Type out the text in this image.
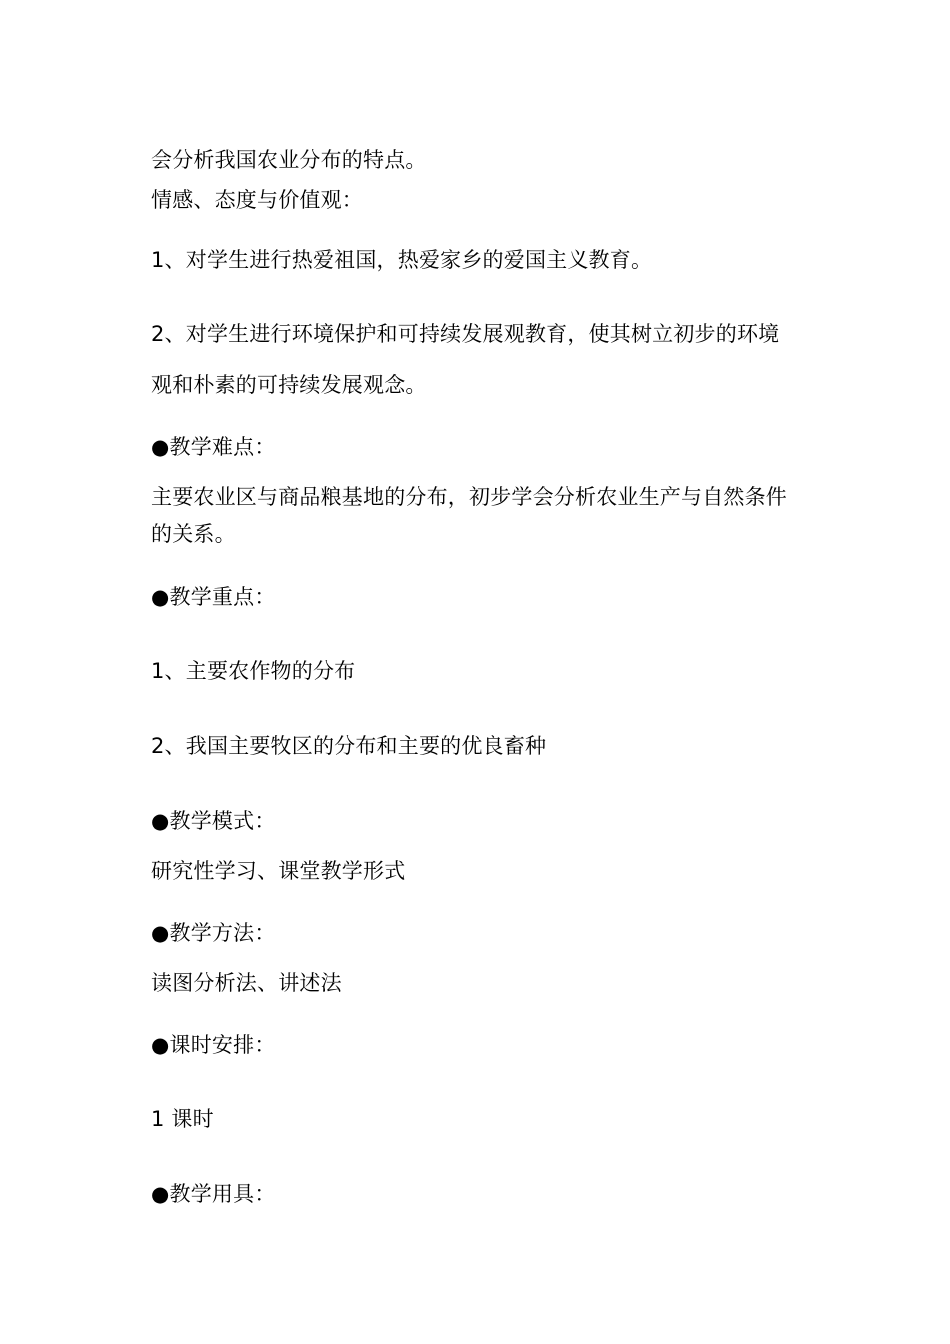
会分析我国农业分布的特点。
情感、态度与价值观：
1、对学生进行热爱祖国，热爱家乡的爱国主义教育。
2、对学生进行环境保护和可持续发展观教育，使其树立初步的环境
观和朴素的可持续发展观念。
●教学难点：
主要农业区与商品粮基地的分布，初步学会分析农业生产与自然条件
的关系。
●教学重点：
1、主要农作物的分布
2、我国主要牧区的分布和主要的优良畜种
●教学模式：
研究性学习、课堂教学形式
●教学方法：
读图分析法、讲述法
●课时安排：
1 课时
●教学用具：
